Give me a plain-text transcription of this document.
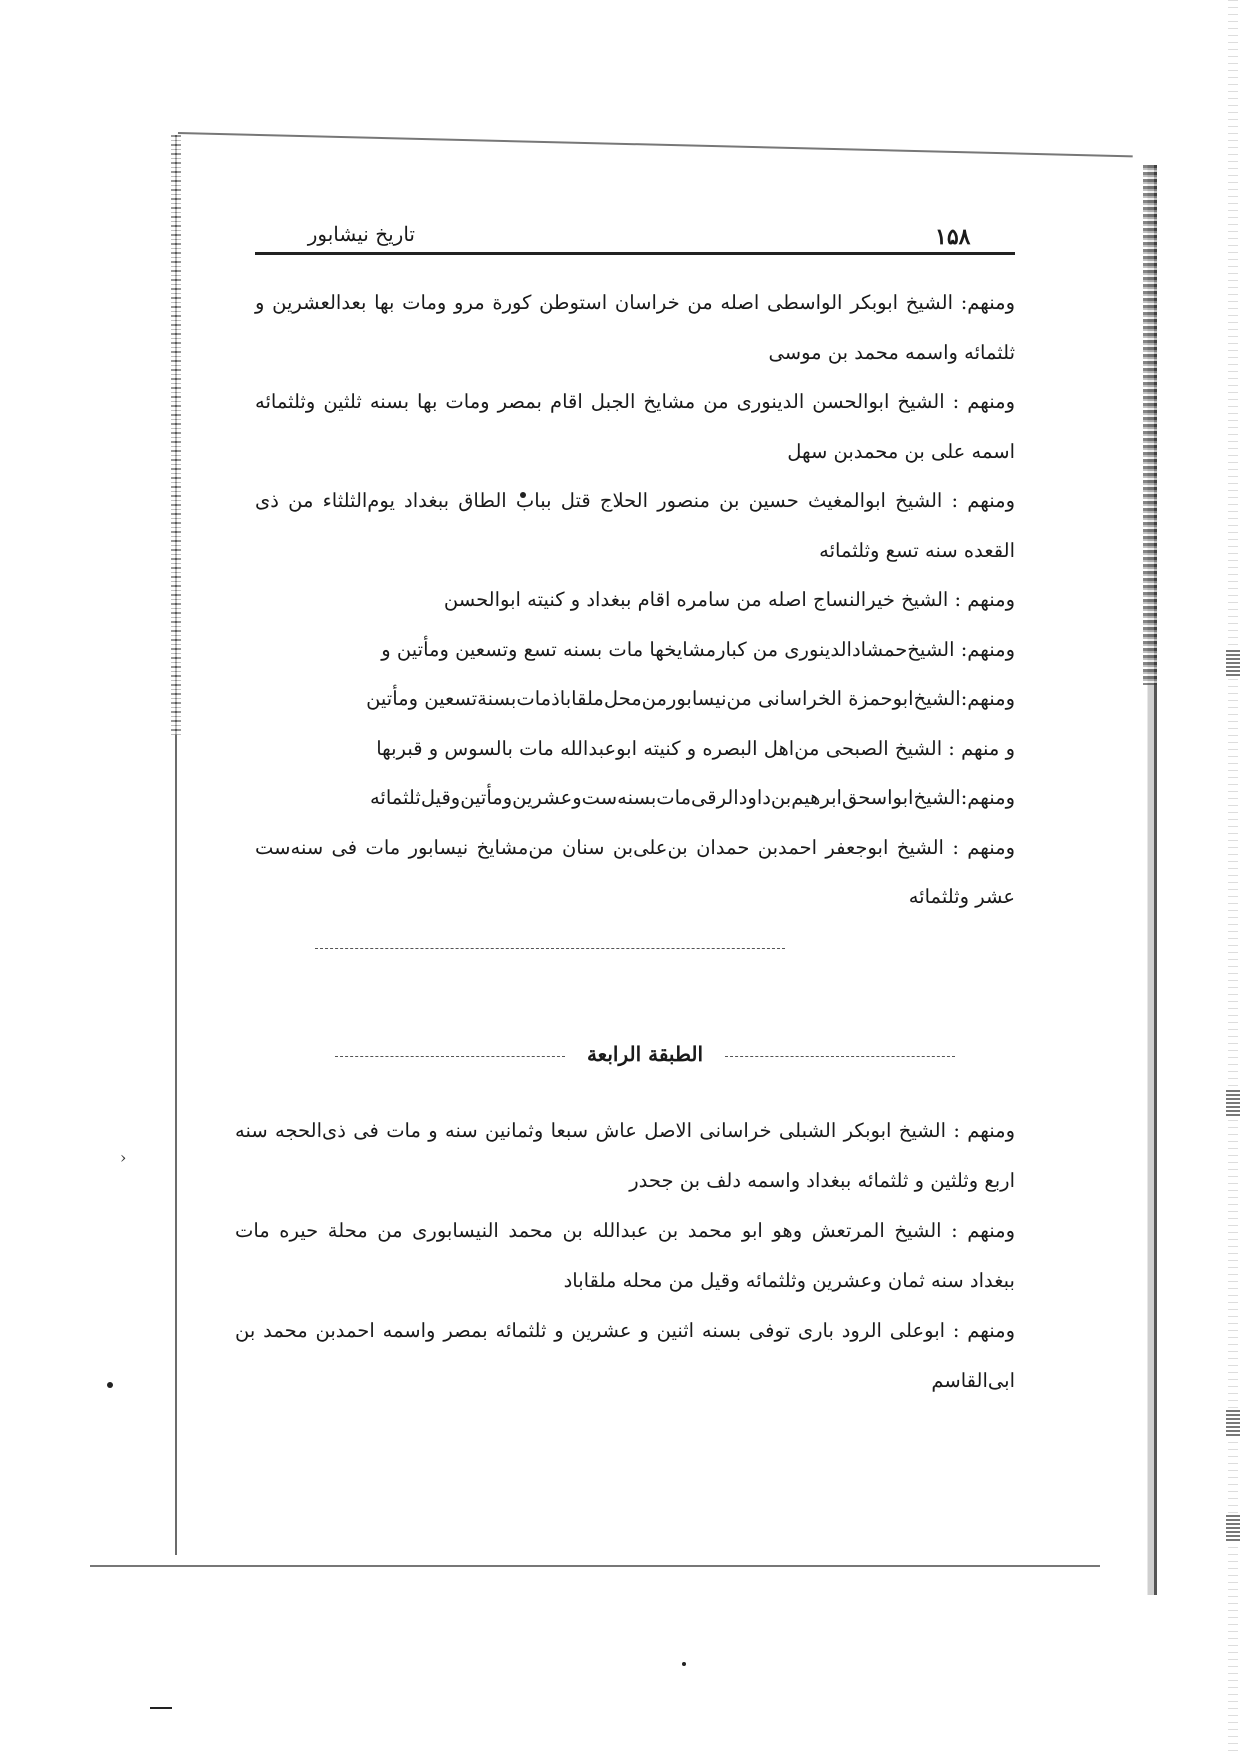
›
تاریخ نیشابور	۱۵۸

ومنهم: الشیخ ابوبکر الواسطی اصله من خراسان استوطن کورة مرو ومات بها بعدالعشرین و ثلثمائه واسمه محمد بن موسی

ومنهم : الشیخ ابوالحسن الدینوری من مشایخ الجبل اقام بمصر ومات بها بسنه ثلثین وثلثمائه اسمه علی بن محمدبن سهل

ومنهم : الشیخ ابوالمغیث حسین بن منصور الحلاج قتل بباب الطاق ببغداد یوم‌الثلثاء من ذی القعده سنه تسع وثلثمائه

ومنهم : الشیخ خیرالنساج اصله من سامره اقام ببغداد و کنیته ابوالحسن

ومنهم: الشیخ‌حمشادالدینوری من کبارمشایخها مات بسنه تسع وتسعین ومأتین و

ومنهم:الشیخ‌ابوحمزة الخراسانی من‌نیسابورمن‌محل‌ملقاباذ‌مات‌بسنة‌تسعین ومأتین

و منهم : الشیخ الصبحی من‌اهل البصره و کنیته ابوعبدالله مات بالسوس و قبربها

ومنهم:الشیخ‌ابواسحق‌ابرهیم‌بن‌داود‌الرقی‌مات‌بسنه‌ست‌وعشرین‌ومأتین‌وقیل‌ثلثمائه

ومنهم : الشیخ ابوجعفر احمدبن حمدان بن‌علی‌بن سنان من‌مشایخ نیسابور مات فی سنه‌ست عشر وثلثمائه

الطبقة الرابعة

ومنهم : الشیخ ابوبکر الشبلی خراسانی الاصل عاش سبعا وثمانین سنه و مات فی ذی‌الحجه سنه اربع وثلثین و ثلثمائه ببغداد واسمه دلف بن جحدر

ومنهم : الشیخ المرتعش وهو ابو محمد بن عبدالله بن محمد النیسابوری من محلة حیره مات ببغداد سنه ثمان وعشرین وثلثمائه وقیل من محله ملقاباد

ومنهم : ابوعلی الرود باری توفی بسنه اثنین و عشرین و ثلثمائه بمصر واسمه احمدبن محمد بن ابی‌القاسم
